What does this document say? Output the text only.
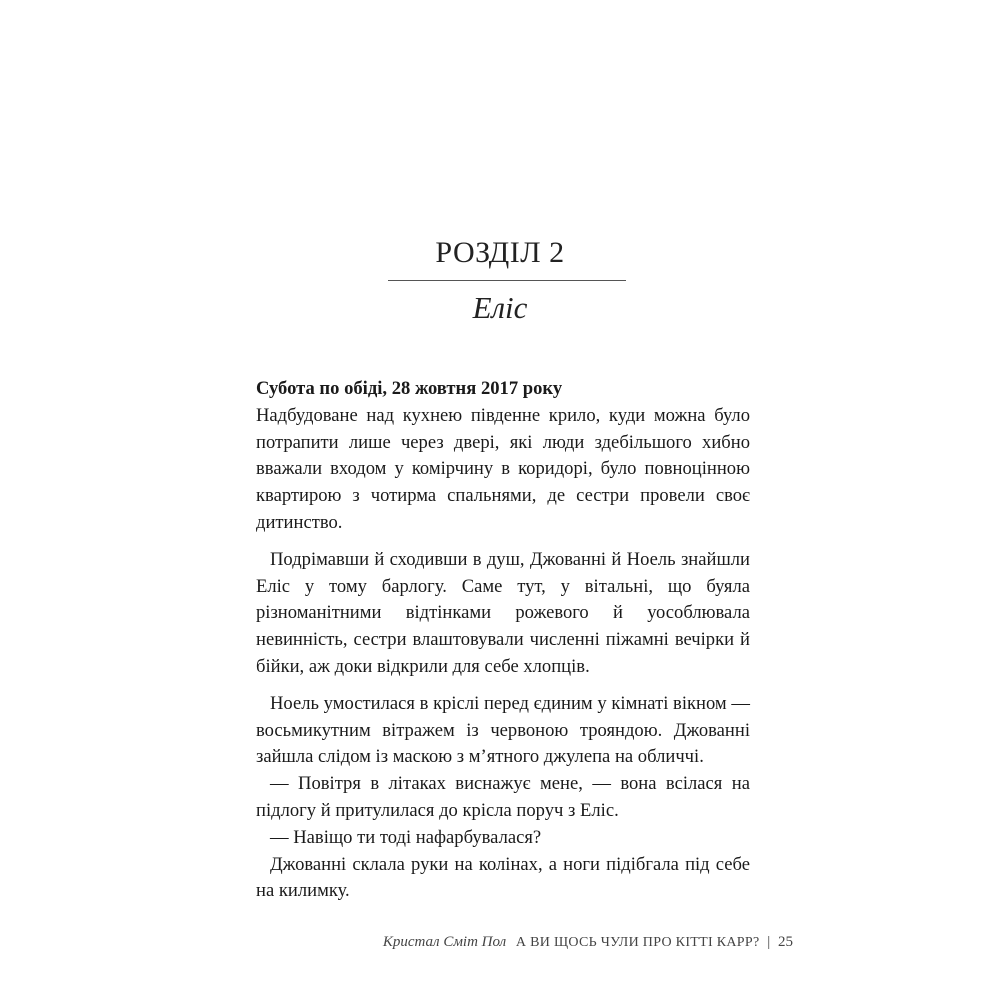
РОЗДІЛ 2
Еліс

Субота по обіді, 28 жовтня 2017 року

Надбудоване над кухнею південне крило, куди можна було потрапити лише через двері, які люди здебільшого хибно вважали входом у комірчину в коридорі, було повноцінною квартирою з чотирма спальнями, де сестри провели своє дитинство.

Подрімавши й сходивши в душ, Джованні й Ноель знайшли Еліс у тому барлогу. Саме тут, у вітальні, що буяла різноманітними відтінками рожевого й уособлювала невинність, сестри влаштовували численні піжамні вечірки й бійки, аж доки відкрили для себе хлопців.

Ноель умостилася в кріслі перед єдиним у кімнаті вікном — восьмикутним вітражем із червоною трояндою. Джованні зайшла слідом із маскою з м’ятного джулепа на обличчі.

— Повітря в літаках виснажує мене, — вона всілася на підлогу й притулилася до крісла поруч з Еліс.

— Навіщо ти тоді нафарбувалася?

Джованні склала руки на колінах, а ноги підібгала під себе на килимку.

Кристал Сміт Пол А ВИ ЩОСЬ ЧУЛИ ПРО КІТТІ КАРР? | 25
